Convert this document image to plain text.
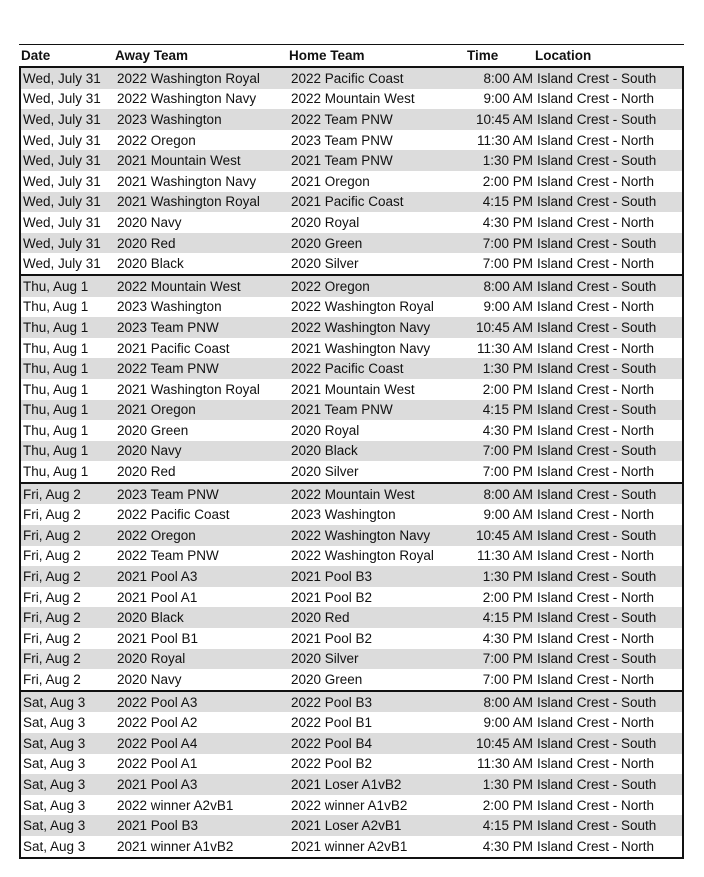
Date	Away Team	Home Team	Time	Location
Wed, July 31	2022 Washington Royal	2022 Pacific Coast	8:00 AM Island Crest - South
Wed, July 31	2022 Washington Navy	2022 Mountain West	9:00 AM Island Crest - North
Wed, July 31	2023 Washington	2022 Team PNW	10:45 AM Island Crest - South
Wed, July 31	2022 Oregon	2023 Team PNW	11:30 AM Island Crest - North
Wed, July 31	2021 Mountain West	2021 Team PNW	1:30 PM Island Crest - South
Wed, July 31	2021 Washington Navy	2021 Oregon	2:00 PM Island Crest - North
Wed, July 31	2021 Washington Royal	2021 Pacific Coast	4:15 PM Island Crest - South
Wed, July 31	2020 Navy	2020 Royal	4:30 PM Island Crest - North
Wed, July 31	2020 Red	2020 Green	7:00 PM Island Crest - South
Wed, July 31	2020 Black	2020 Silver	7:00 PM Island Crest - North
Thu, Aug 1	2022 Mountain West	2022 Oregon	8:00 AM Island Crest - South
Thu, Aug 1	2023 Washington	2022 Washington Royal	9:00 AM Island Crest - North
Thu, Aug 1	2023 Team PNW	2022 Washington Navy	10:45 AM Island Crest - South
Thu, Aug 1	2021 Pacific Coast	2021 Washington Navy	11:30 AM Island Crest - North
Thu, Aug 1	2022 Team PNW	2022 Pacific Coast	1:30 PM Island Crest - South
Thu, Aug 1	2021 Washington Royal	2021 Mountain West	2:00 PM Island Crest - North
Thu, Aug 1	2021 Oregon	2021 Team PNW	4:15 PM Island Crest - South
Thu, Aug 1	2020 Green	2020 Royal	4:30 PM Island Crest - North
Thu, Aug 1	2020 Navy	2020 Black	7:00 PM Island Crest - South
Thu, Aug 1	2020 Red	2020 Silver	7:00 PM Island Crest - North
Fri, Aug 2	2023 Team PNW	2022 Mountain West	8:00 AM Island Crest - South
Fri, Aug 2	2022 Pacific Coast	2023 Washington	9:00 AM Island Crest - North
Fri, Aug 2	2022 Oregon	2022 Washington Navy	10:45 AM Island Crest - South
Fri, Aug 2	2022 Team PNW	2022 Washington Royal	11:30 AM Island Crest - North
Fri, Aug 2	2021 Pool A3	2021 Pool B3	1:30 PM Island Crest - South
Fri, Aug 2	2021 Pool A1	2021 Pool B2	2:00 PM Island Crest - North
Fri, Aug 2	2020 Black	2020 Red	4:15 PM Island Crest - South
Fri, Aug 2	2021 Pool B1	2021 Pool B2	4:30 PM Island Crest - North
Fri, Aug 2	2020 Royal	2020 Silver	7:00 PM Island Crest - South
Fri, Aug 2	2020 Navy	2020 Green	7:00 PM Island Crest - North
Sat, Aug 3	2022 Pool A3	2022 Pool B3	8:00 AM Island Crest - South
Sat, Aug 3	2022 Pool A2	2022 Pool B1	9:00 AM Island Crest - North
Sat, Aug 3	2022 Pool A4	2022 Pool B4	10:45 AM Island Crest - South
Sat, Aug 3	2022 Pool A1	2022 Pool B2	11:30 AM Island Crest - North
Sat, Aug 3	2021 Pool A3	2021 Loser A1vB2	1:30 PM Island Crest - South
Sat, Aug 3	2022 winner A2vB1	2022 winner A1vB2	2:00 PM Island Crest - North
Sat, Aug 3	2021 Pool B3	2021 Loser A2vB1	4:15 PM Island Crest - South
Sat, Aug 3	2021 winner A1vB2	2021 winner A2vB1	4:30 PM Island Crest - North
